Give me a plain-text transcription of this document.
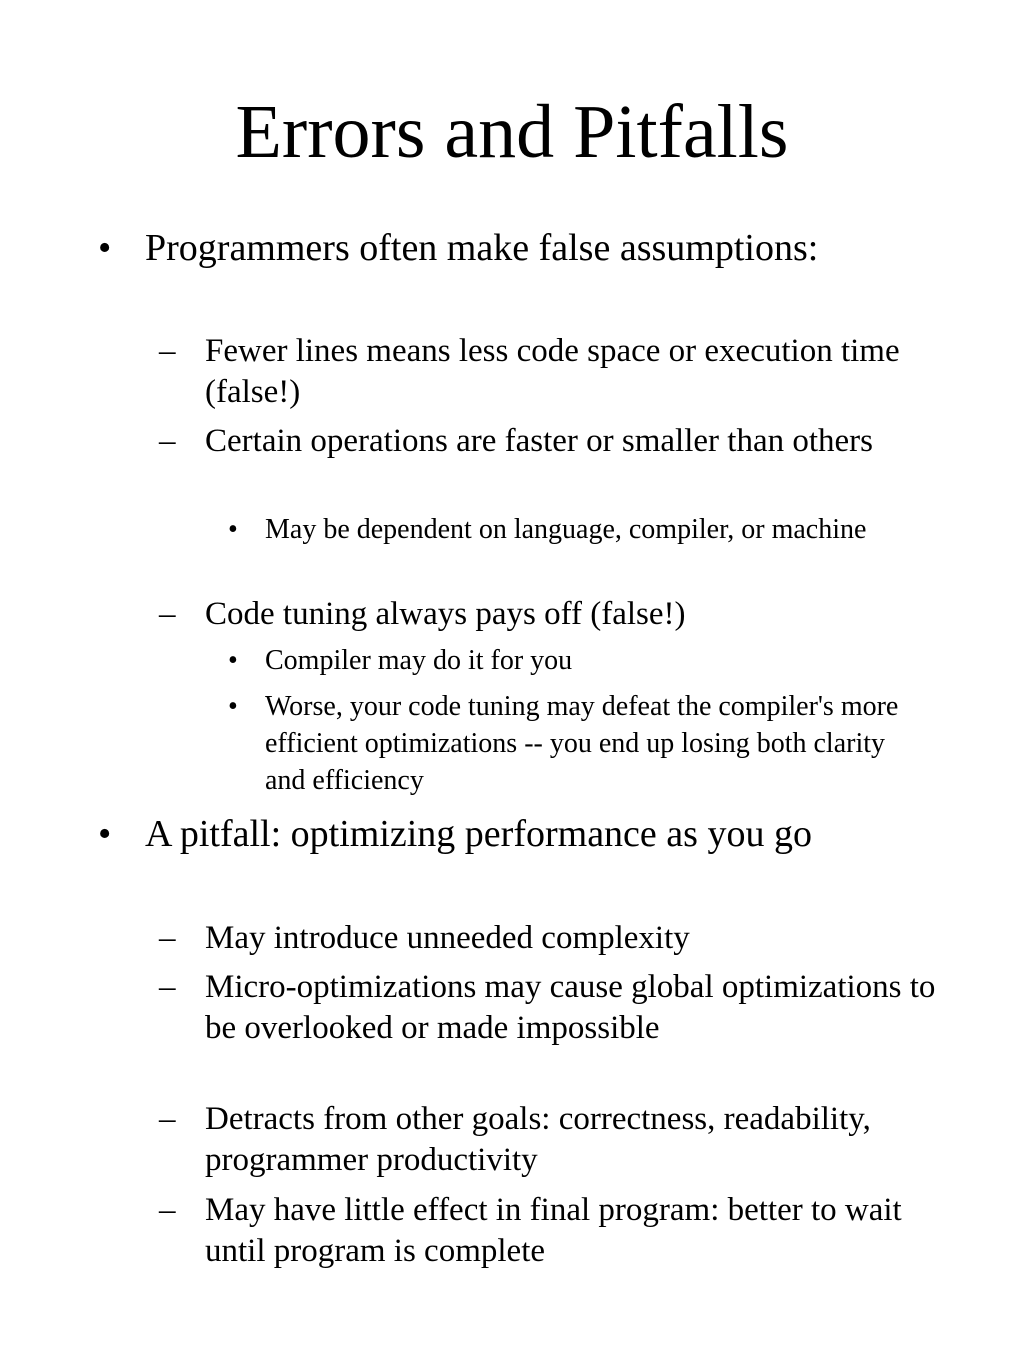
Errors and Pitfalls
• Programmers often make false assumptions:
– Fewer lines means less code space or execution time (false!)
– Certain operations are faster or smaller than others
• May be dependent on language, compiler, or machine
– Code tuning always pays off (false!)
• Compiler may do it for you
• Worse, your code tuning may defeat the compiler's more efficient optimizations -- you end up losing both clarity and efficiency
• A pitfall: optimizing performance as you go
– May introduce unneeded complexity
– Micro-optimizations may cause global optimizations to be overlooked or made impossible
– Detracts from other goals: correctness, readability, programmer productivity
– May have little effect in final program: better to wait until program is complete
